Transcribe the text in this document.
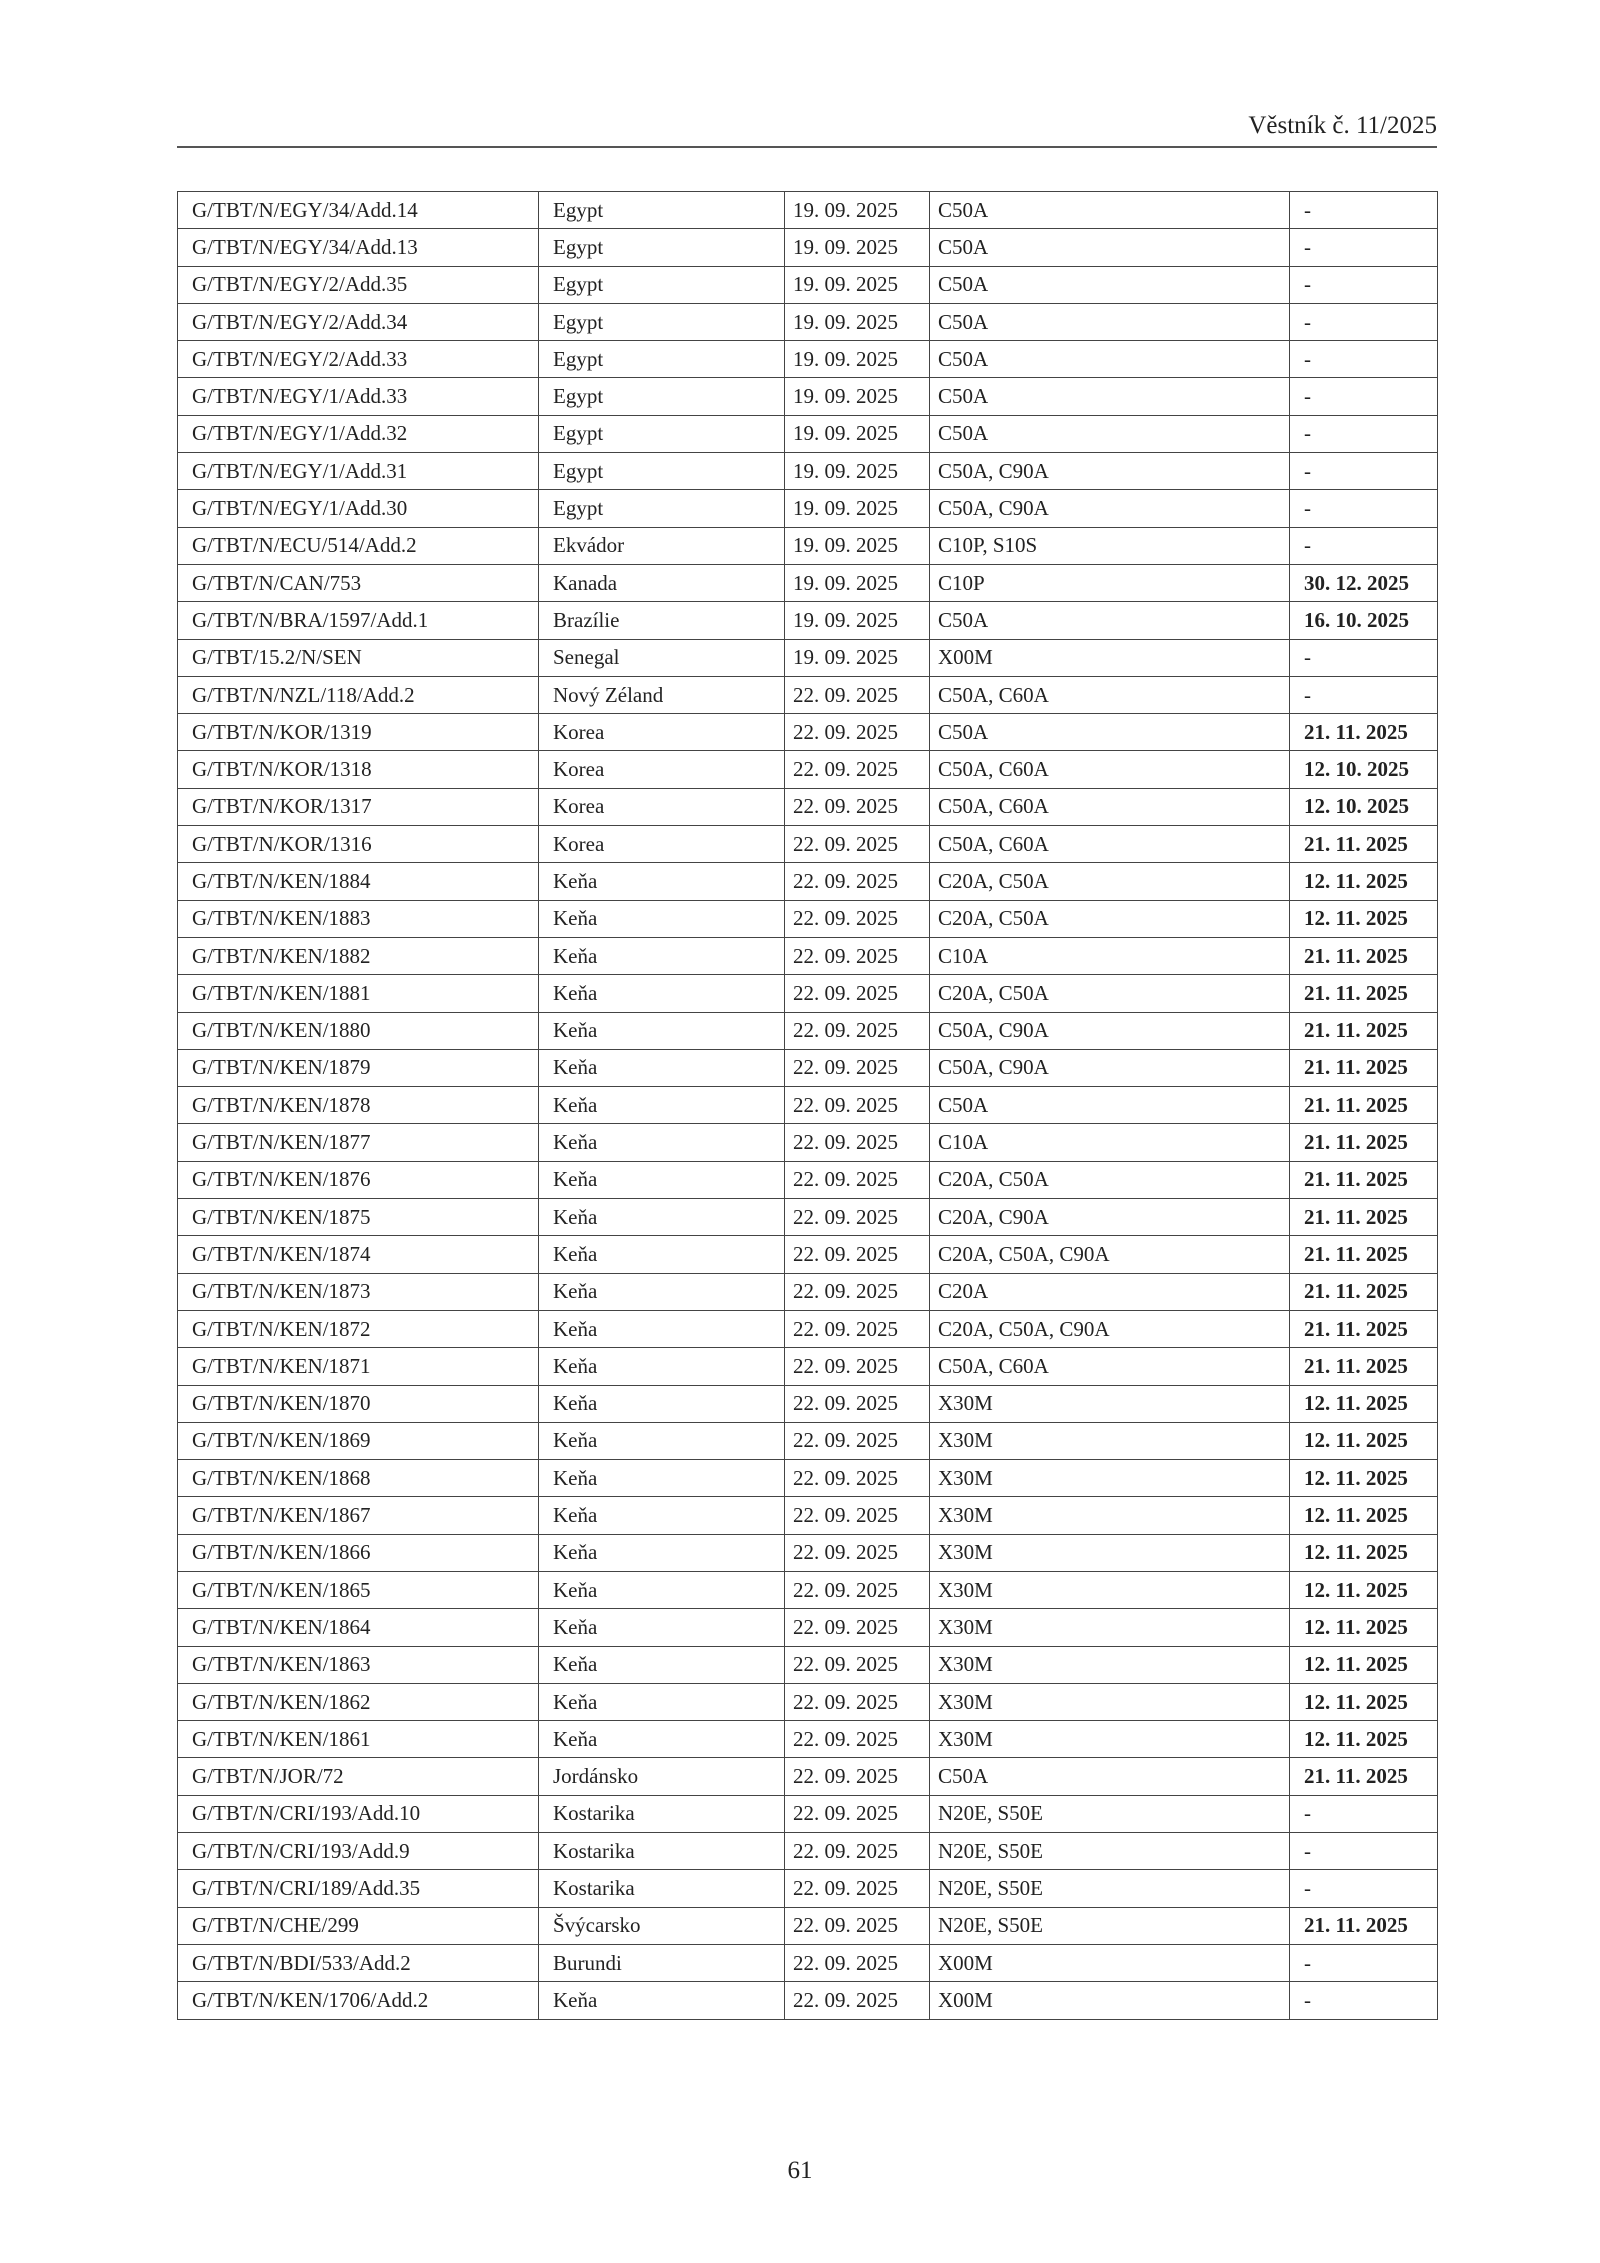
Věstník č. 11/2025
G/TBT/N/EGY/34/Add.14	Egypt	19. 09. 2025	C50A	-
G/TBT/N/EGY/34/Add.13	Egypt	19. 09. 2025	C50A	-
G/TBT/N/EGY/2/Add.35	Egypt	19. 09. 2025	C50A	-
G/TBT/N/EGY/2/Add.34	Egypt	19. 09. 2025	C50A	-
G/TBT/N/EGY/2/Add.33	Egypt	19. 09. 2025	C50A	-
G/TBT/N/EGY/1/Add.33	Egypt	19. 09. 2025	C50A	-
G/TBT/N/EGY/1/Add.32	Egypt	19. 09. 2025	C50A	-
G/TBT/N/EGY/1/Add.31	Egypt	19. 09. 2025	C50A, C90A	-
G/TBT/N/EGY/1/Add.30	Egypt	19. 09. 2025	C50A, C90A	-
G/TBT/N/ECU/514/Add.2	Ekvádor	19. 09. 2025	C10P, S10S	-
G/TBT/N/CAN/753	Kanada	19. 09. 2025	C10P	30. 12. 2025
G/TBT/N/BRA/1597/Add.1	Brazílie	19. 09. 2025	C50A	16. 10. 2025
G/TBT/15.2/N/SEN	Senegal	19. 09. 2025	X00M	-
G/TBT/N/NZL/118/Add.2	Nový Zéland	22. 09. 2025	C50A, C60A	-
G/TBT/N/KOR/1319	Korea	22. 09. 2025	C50A	21. 11. 2025
G/TBT/N/KOR/1318	Korea	22. 09. 2025	C50A, C60A	12. 10. 2025
G/TBT/N/KOR/1317	Korea	22. 09. 2025	C50A, C60A	12. 10. 2025
G/TBT/N/KOR/1316	Korea	22. 09. 2025	C50A, C60A	21. 11. 2025
G/TBT/N/KEN/1884	Keňa	22. 09. 2025	C20A, C50A	12. 11. 2025
G/TBT/N/KEN/1883	Keňa	22. 09. 2025	C20A, C50A	12. 11. 2025
G/TBT/N/KEN/1882	Keňa	22. 09. 2025	C10A	21. 11. 2025
G/TBT/N/KEN/1881	Keňa	22. 09. 2025	C20A, C50A	21. 11. 2025
G/TBT/N/KEN/1880	Keňa	22. 09. 2025	C50A, C90A	21. 11. 2025
G/TBT/N/KEN/1879	Keňa	22. 09. 2025	C50A, C90A	21. 11. 2025
G/TBT/N/KEN/1878	Keňa	22. 09. 2025	C50A	21. 11. 2025
G/TBT/N/KEN/1877	Keňa	22. 09. 2025	C10A	21. 11. 2025
G/TBT/N/KEN/1876	Keňa	22. 09. 2025	C20A, C50A	21. 11. 2025
G/TBT/N/KEN/1875	Keňa	22. 09. 2025	C20A, C90A	21. 11. 2025
G/TBT/N/KEN/1874	Keňa	22. 09. 2025	C20A, C50A, C90A	21. 11. 2025
G/TBT/N/KEN/1873	Keňa	22. 09. 2025	C20A	21. 11. 2025
G/TBT/N/KEN/1872	Keňa	22. 09. 2025	C20A, C50A, C90A	21. 11. 2025
G/TBT/N/KEN/1871	Keňa	22. 09. 2025	C50A, C60A	21. 11. 2025
G/TBT/N/KEN/1870	Keňa	22. 09. 2025	X30M	12. 11. 2025
G/TBT/N/KEN/1869	Keňa	22. 09. 2025	X30M	12. 11. 2025
G/TBT/N/KEN/1868	Keňa	22. 09. 2025	X30M	12. 11. 2025
G/TBT/N/KEN/1867	Keňa	22. 09. 2025	X30M	12. 11. 2025
G/TBT/N/KEN/1866	Keňa	22. 09. 2025	X30M	12. 11. 2025
G/TBT/N/KEN/1865	Keňa	22. 09. 2025	X30M	12. 11. 2025
G/TBT/N/KEN/1864	Keňa	22. 09. 2025	X30M	12. 11. 2025
G/TBT/N/KEN/1863	Keňa	22. 09. 2025	X30M	12. 11. 2025
G/TBT/N/KEN/1862	Keňa	22. 09. 2025	X30M	12. 11. 2025
G/TBT/N/KEN/1861	Keňa	22. 09. 2025	X30M	12. 11. 2025
G/TBT/N/JOR/72	Jordánsko	22. 09. 2025	C50A	21. 11. 2025
G/TBT/N/CRI/193/Add.10	Kostarika	22. 09. 2025	N20E, S50E	-
G/TBT/N/CRI/193/Add.9	Kostarika	22. 09. 2025	N20E, S50E	-
G/TBT/N/CRI/189/Add.35	Kostarika	22. 09. 2025	N20E, S50E	-
G/TBT/N/CHE/299	Švýcarsko	22. 09. 2025	N20E, S50E	21. 11. 2025
G/TBT/N/BDI/533/Add.2	Burundi	22. 09. 2025	X00M	-
G/TBT/N/KEN/1706/Add.2	Keňa	22. 09. 2025	X00M	-
61
